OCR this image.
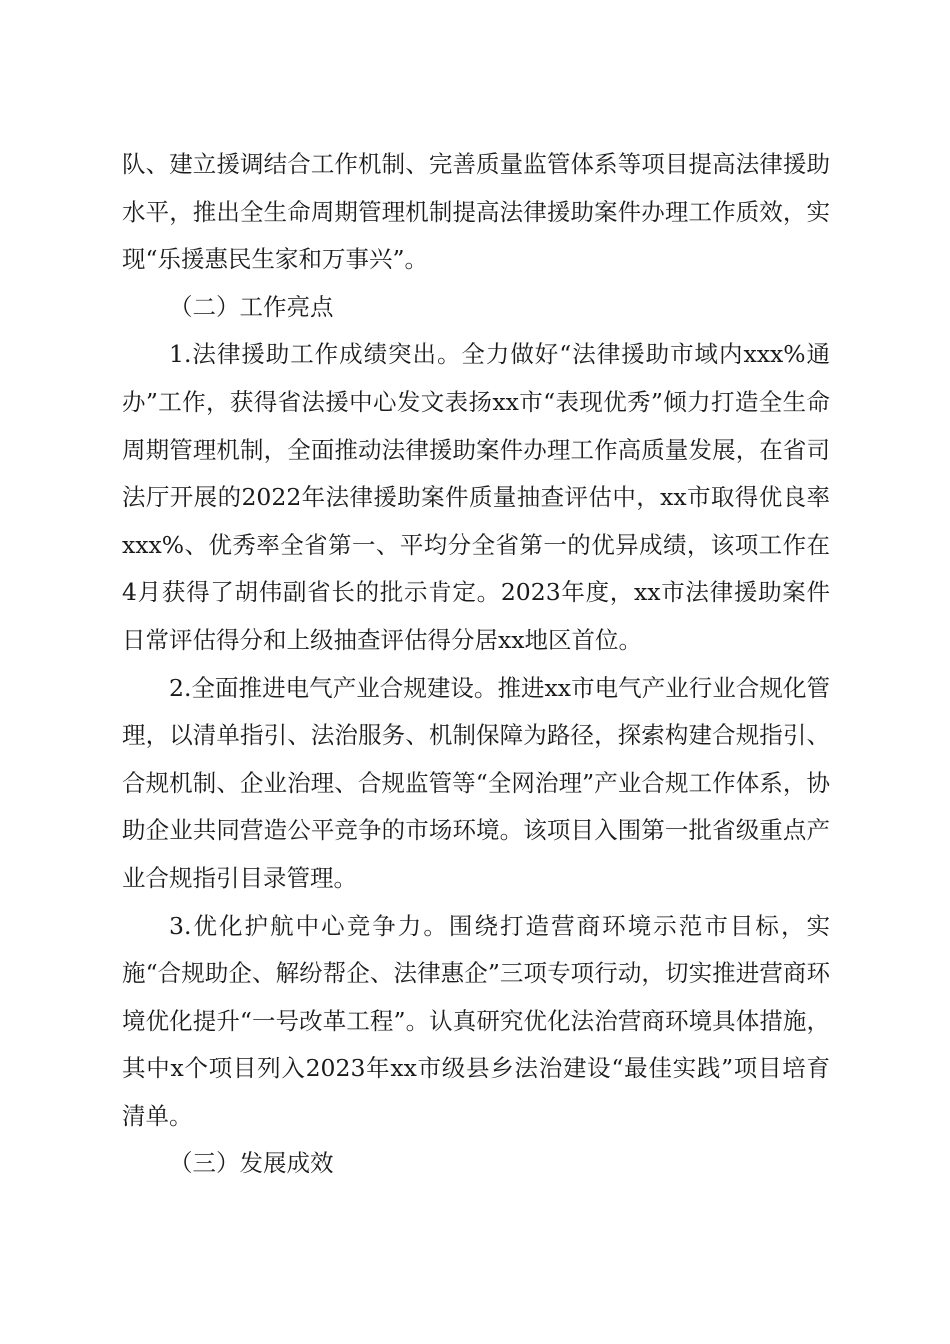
队、建立援调结合工作机制、完善质量监管体系等项目提高法律援助水平，推出全生命周期管理机制提高法律援助案件办理工作质效，实现“乐援惠民生家和万事兴”。

（二）工作亮点

1.法律援助工作成绩突出。全力做好“法律援助市域内xxx%通办”工作，获得省法援中心发文表扬xx市“表现优秀”倾力打造全生命周期管理机制，全面推动法律援助案件办理工作高质量发展，在省司法厅开展的2022年法律援助案件质量抽查评估中，xx市取得优良率xxx%、优秀率全省第一、平均分全省第一的优异成绩，该项工作在4月获得了胡伟副省长的批示肯定。2023年度，xx市法律援助案件日常评估得分和上级抽查评估得分居xx地区首位。

2.全面推进电气产业合规建设。推进xx市电气产业行业合规化管理，以清单指引、法治服务、机制保障为路径，探索构建合规指引、合规机制、企业治理、合规监管等“全网治理”产业合规工作体系，协助企业共同营造公平竞争的市场环境。该项目入围第一批省级重点产业合规指引目录管理。

3.优化护航中心竞争力。围绕打造营商环境示范市目标，实施“合规助企、解纷帮企、法律惠企”三项专项行动，切实推进营商环境优化提升“一号改革工程”。认真研究优化法治营商环境具体措施，其中x个项目列入2023年xx市级县乡法治建设“最佳实践”项目培育清单。

（三）发展成效
